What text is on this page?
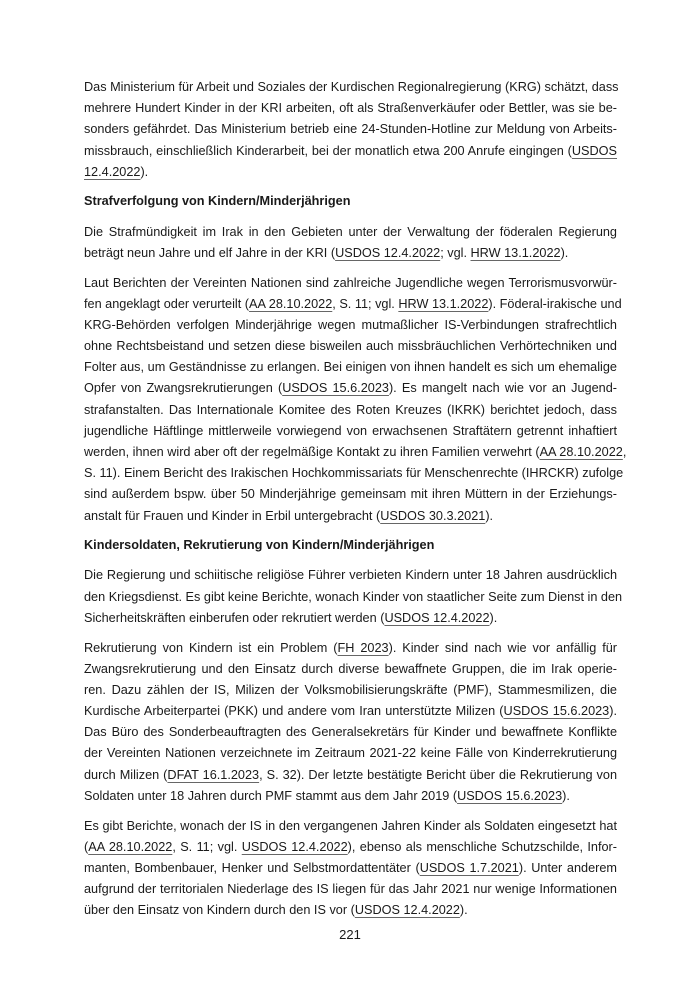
Das Ministerium für Arbeit und Soziales der Kurdischen Regionalregierung (KRG) schätzt, dass
mehrere Hundert Kinder in der KRI arbeiten, oft als Straßenverkäufer oder Bettler, was sie be-
sonders gefährdet. Das Ministerium betrieb eine 24-Stunden-Hotline zur Meldung von Arbeits-
missbrauch, einschließlich Kinderarbeit, bei der monatlich etwa 200 Anrufe eingingen (USDOS
12.4.2022).
Strafverfolgung von Kindern/Minderjährigen
Die Strafmündigkeit im Irak in den Gebieten unter der Verwaltung der föderalen Regierung
beträgt neun Jahre und elf Jahre in der KRI (USDOS 12.4.2022; vgl. HRW 13.1.2022).
Laut Berichten der Vereinten Nationen sind zahlreiche Jugendliche wegen Terrorismusvorwür-
fen angeklagt oder verurteilt (AA 28.10.2022, S. 11; vgl. HRW 13.1.2022). Föderal-irakische und
KRG-Behörden verfolgen Minderjährige wegen mutmaßlicher IS-Verbindungen strafrechtlich
ohne Rechtsbeistand und setzen diese bisweilen auch missbräuchlichen Verhörtechniken und
Folter aus, um Geständnisse zu erlangen. Bei einigen von ihnen handelt es sich um ehemalige
Opfer von Zwangsrekrutierungen (USDOS 15.6.2023). Es mangelt nach wie vor an Jugend-
strafanstalten. Das Internationale Komitee des Roten Kreuzes (IKRK) berichtet jedoch, dass
jugendliche Häftlinge mittlerweile vorwiegend von erwachsenen Straftätern getrennt inhaftiert
werden, ihnen wird aber oft der regelmäßige Kontakt zu ihren Familien verwehrt (AA 28.10.2022,
S. 11). Einem Bericht des Irakischen Hochkommissariats für Menschenrechte (IHRCKR) zufolge
sind außerdem bspw. über 50 Minderjährige gemeinsam mit ihren Müttern in der Erziehungs-
anstalt für Frauen und Kinder in Erbil untergebracht (USDOS 30.3.2021).
Kindersoldaten, Rekrutierung von Kindern/Minderjährigen
Die Regierung und schiitische religiöse Führer verbieten Kindern unter 18 Jahren ausdrücklich
den Kriegsdienst. Es gibt keine Berichte, wonach Kinder von staatlicher Seite zum Dienst in den
Sicherheitskräften einberufen oder rekrutiert werden (USDOS 12.4.2022).
Rekrutierung von Kindern ist ein Problem (FH 2023). Kinder sind nach wie vor anfällig für
Zwangsrekrutierung und den Einsatz durch diverse bewaffnete Gruppen, die im Irak operie-
ren. Dazu zählen der IS, Milizen der Volksmobilisierungskräfte (PMF), Stammesmilizen, die
Kurdische Arbeiterpartei (PKK) und andere vom Iran unterstützte Milizen (USDOS 15.6.2023).
Das Büro des Sonderbeauftragten des Generalsekretärs für Kinder und bewaffnete Konflikte
der Vereinten Nationen verzeichnete im Zeitraum 2021-22 keine Fälle von Kinderrekrutierung
durch Milizen (DFAT 16.1.2023, S. 32). Der letzte bestätigte Bericht über die Rekrutierung von
Soldaten unter 18 Jahren durch PMF stammt aus dem Jahr 2019 (USDOS 15.6.2023).
Es gibt Berichte, wonach der IS in den vergangenen Jahren Kinder als Soldaten eingesetzt hat
(AA 28.10.2022, S. 11; vgl. USDOS 12.4.2022), ebenso als menschliche Schutzschilde, Infor-
manten, Bombenbauer, Henker und Selbstmordattentäter (USDOS 1.7.2021). Unter anderem
aufgrund der territorialen Niederlage des IS liegen für das Jahr 2021 nur wenige Informationen
über den Einsatz von Kindern durch den IS vor (USDOS 12.4.2022).
221
